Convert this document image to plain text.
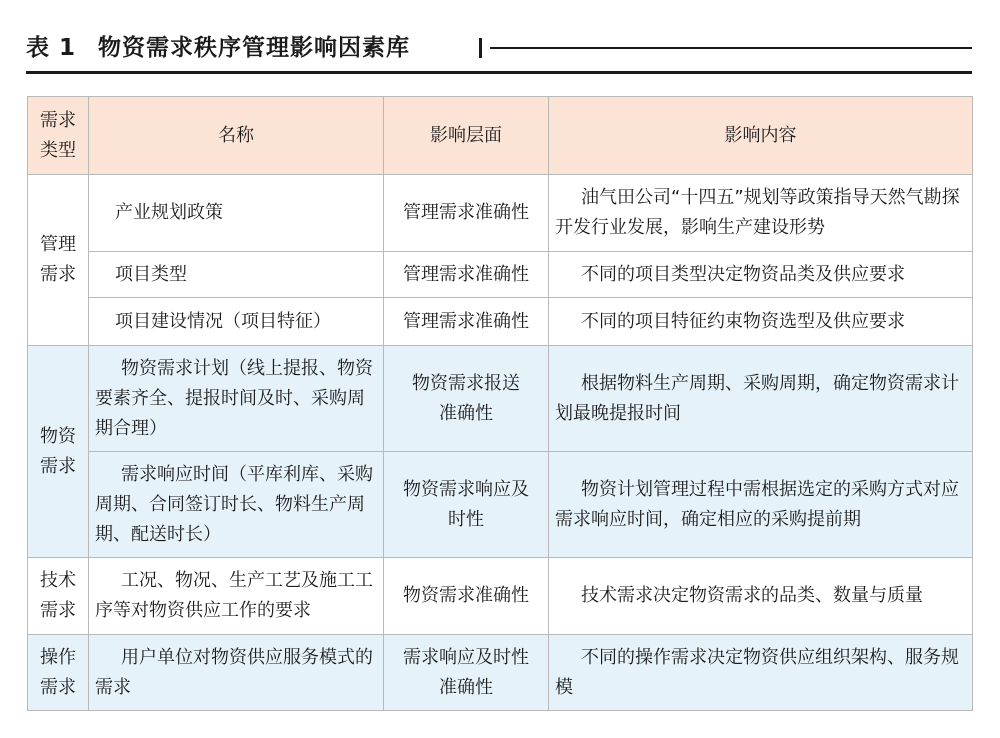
表 1 物资需求秩序管理影响因素库
需求类型	名称	影响层面	影响内容
管理需求	产业规划政策	管理需求准确性	油气田公司“十四五”规划等政策指导天然气勘探开发行业发展，影响生产建设形势
	项目类型	管理需求准确性	不同的项目类型决定物资品类及供应要求
	项目建设情况（项目特征）	管理需求准确性	不同的项目特征约束物资选型及供应要求
物资需求	物资需求计划（线上提报、物资要素齐全、提报时间及时、采购周期合理）	物资需求报送准确性	根据物料生产周期、采购周期，确定物资需求计划最晚提报时间
	需求响应时间（平库利库、采购周期、合同签订时长、物料生产周期、配送时长）	物资需求响应及时性	物资计划管理过程中需根据选定的采购方式对应需求响应时间，确定相应的采购提前期
技术需求	工况、物况、生产工艺及施工工序等对物资供应工作的要求	物资需求准确性	技术需求决定物资需求的品类、数量与质量
操作需求	用户单位对物资供应服务模式的需求	需求响应及时性准确性	不同的操作需求决定物资供应组织架构、服务规模
